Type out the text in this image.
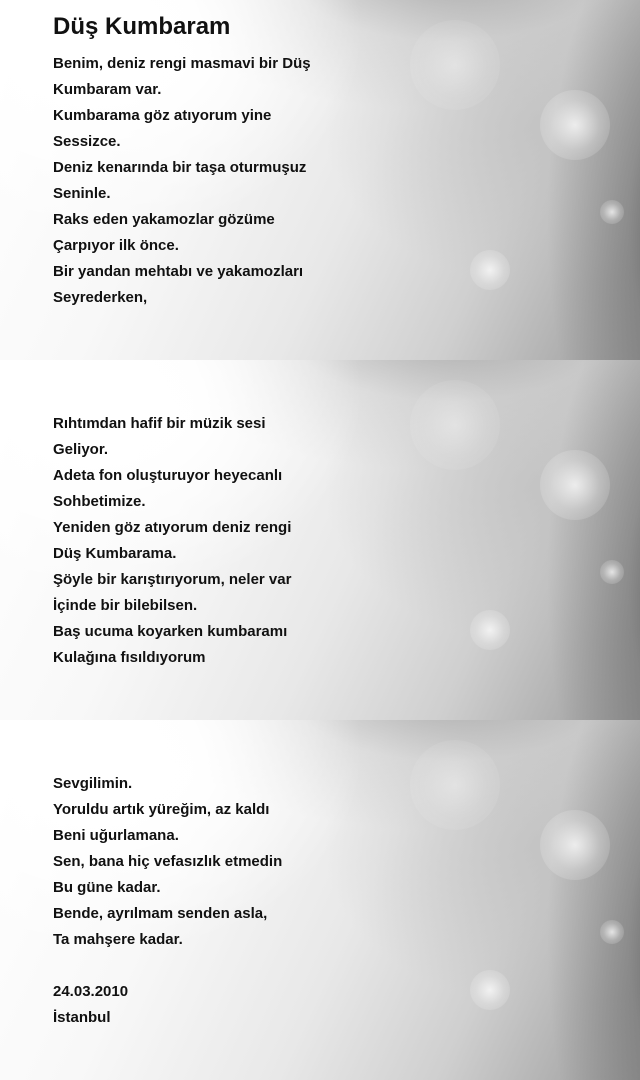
Düş Kumbaram
Benim, deniz rengi masmavi bir Düş
Kumbaram var.
Kumbarama göz atıyorum yine
Sessizce.
Deniz kenarında bir taşa oturmuşuz
Seninle.
Raks eden yakamozlar gözüme
Çarpıyor ilk önce.
Bir yandan mehtabı ve yakamozları
Seyrederken,
Rıhtımdan hafif bir müzik sesi
Geliyor.
Adeta fon oluşturuyor heyecanlı
Sohbetimize.
Yeniden göz atıyorum deniz rengi
Düş Kumbarama.
Şöyle bir karıştırıyorum, neler var
İçinde bir bilebilsen.
Baş ucuma koyarken kumbaramı
Kulağına fısıldıyorum
Sevgilimin.
Yoruldu artık yüreğim, az kaldı
Beni uğurlamana.
Sen, bana hiç vefasızlık etmedin
Bu güne kadar.
Bende, ayrılmam senden asla,
Ta mahşere kadar.
24.03.2010
İstanbul
